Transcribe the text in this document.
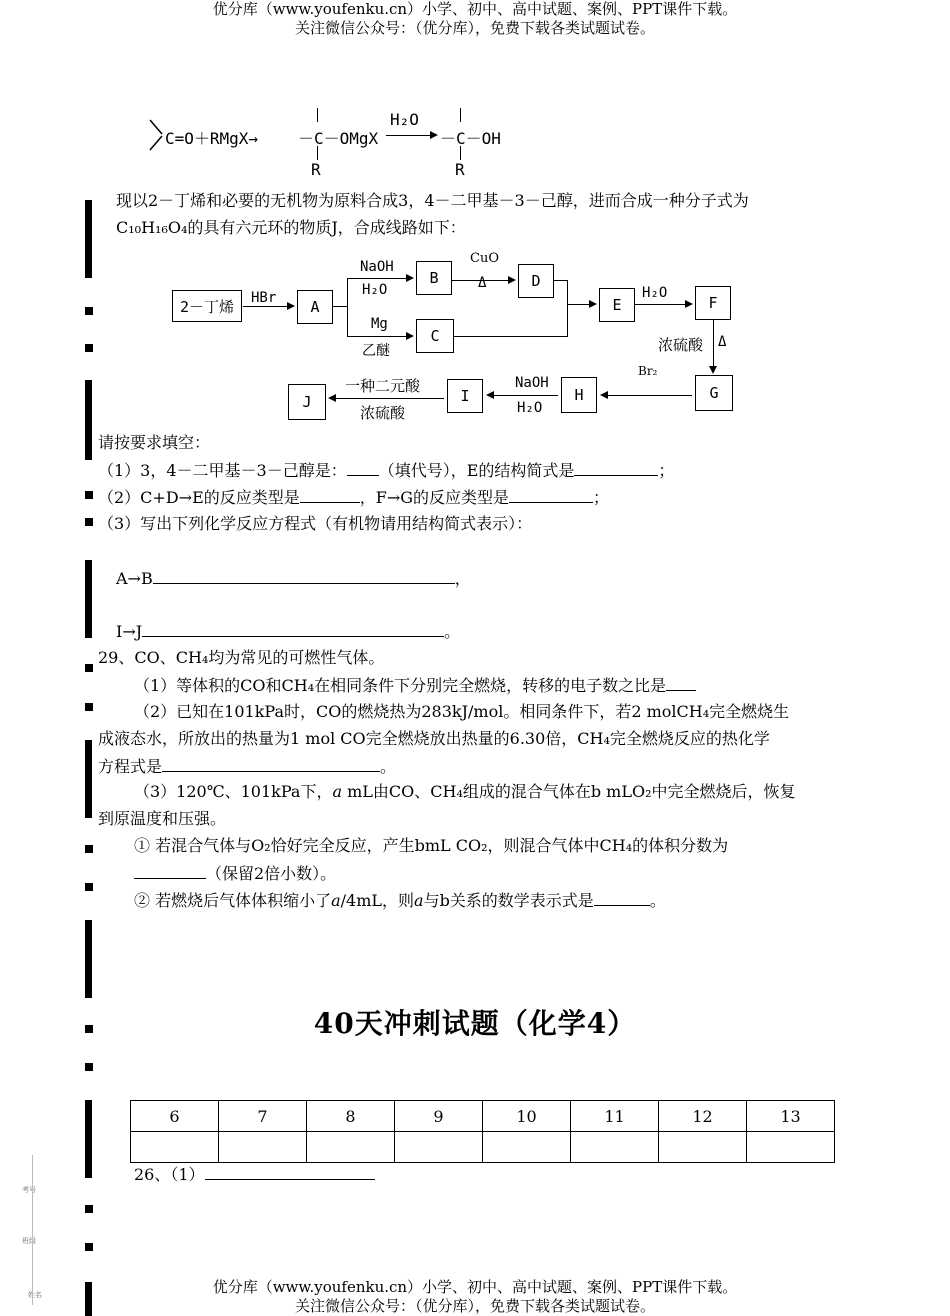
优分库（www.youfenku.cn）小学、初中、高中试题、案例、PPT课件下载。
关注微信公众号：（优分库），免费下载各类试题试卷。
姓名
班级
考号
C=O＋RMgX→ －C－OMgX
R
H₂O
－C－OH
R
现以2－丁烯和必要的无机物为原料合成3，4－二甲基－3－己醇，进而合成一种分子式为
C₁₀H₁₆O₄的具有六元环的物质J，合成线路如下：
2－丁烯	HBr	A
NaOH
H₂O
Mg
乙醚
B
C
CuO
Δ	D
E
H₂O
F
浓硫酸 Δ
G
Br₂
H
NaOH
H₂O
I
一种二元酸
浓硫酸
J
请按要求填空：
（1）3，4－二甲基－3－己醇是： （填代号），E的结构简式是	；
（2）C+D→E的反应类型是	，F→G的反应类型是	；
（3）写出下列化学反应方程式（有机物请用结构简式表示）：
A→B	，
I→J	。
29、CO、CH₄均为常见的可燃性气体。
（1）等体积的CO和CH₄在相同条件下分别完全燃烧，转移的电子数之比是
（2）已知在101kPa时，CO的燃烧热为283kJ/mol。相同条件下，若2 molCH₄完全燃烧生
成液态水，所放出的热量为1 mol CO完全燃烧放出热量的6.30倍，CH₄完全燃烧反应的热化学
方程式是	。
（3）120℃、101kPa下，a mL由CO、CH₄组成的混合气体在b mLO₂中完全燃烧后，恢复
到原温度和压强。
① 若混合气体与O₂恰好完全反应，产生bmL CO₂，则混合气体中CH₄的体积分数为
（保留2倍小数）。
② 若燃烧后气体体积缩小了a/4mL，则a与b关系的数学表示式是	。
40天冲刺试题（化学4）
6	7	8	9	10	11	12	13

26、（1）
优分库（www.youfenku.cn）小学、初中、高中试题、案例、PPT课件下载。
关注微信公众号：（优分库），免费下载各类试题试卷。
